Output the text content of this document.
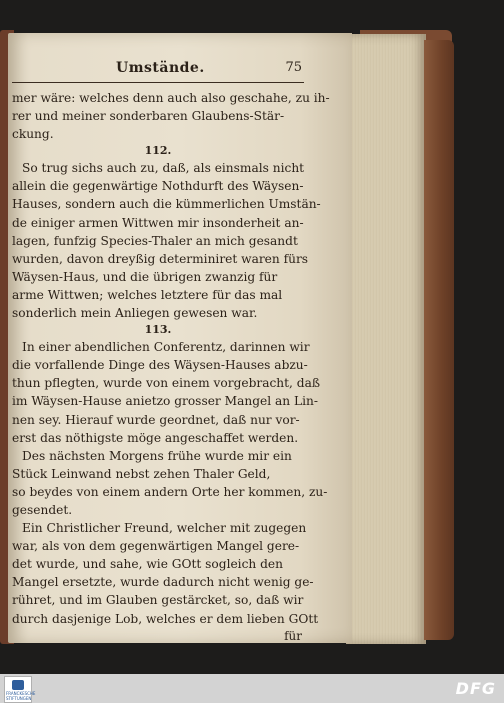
Umstände.	75
mer wäre: welches denn auch also geschahe, zu ih-
rer und meiner sonderbaren Glaubens-Stär-
ckung.
112.
So trug sichs auch zu, daß, als einsmals nicht
allein die gegenwärtige Nothdurft des Wäysen-
Hauses, sondern auch die kümmerlichen Umstän-
de einiger armen Wittwen mir insonderheit an-
lagen, funfzig Species-Thaler an mich gesandt
wurden, davon dreyßig determiniret waren fürs
Wäysen-Haus, und die übrigen zwanzig für
arme Wittwen; welches letztere für das mal
sonderlich mein Anliegen gewesen war.
113.
In einer abendlichen Conferentz, darinnen wir
die vorfallende Dinge des Wäysen-Hauses abzu-
thun pflegten, wurde von einem vorgebracht, daß
im Wäysen-Hause anietzo grosser Mangel an Lin-
nen sey. Hierauf wurde geordnet, daß nur vor-
erst das nöthigste möge angeschaffet werden.
Des nächsten Morgens frühe wurde mir ein
Stück Leinwand nebst zehen Thaler Geld,
so beydes von einem andern Orte her kommen, zu-
gesendet.
Ein Christlicher Freund, welcher mit zugegen
war, als von dem gegenwärtigen Mangel gere-
det wurde, und sahe, wie GOtt sogleich den
Mangel ersetzte, wurde dadurch nicht wenig ge-
rühret, und im Glauben gestärcket, so, daß wir
durch dasjenige Lob, welches er dem lieben GOtt
für
FRANCKESCHE STIFTUNGEN	DFG
